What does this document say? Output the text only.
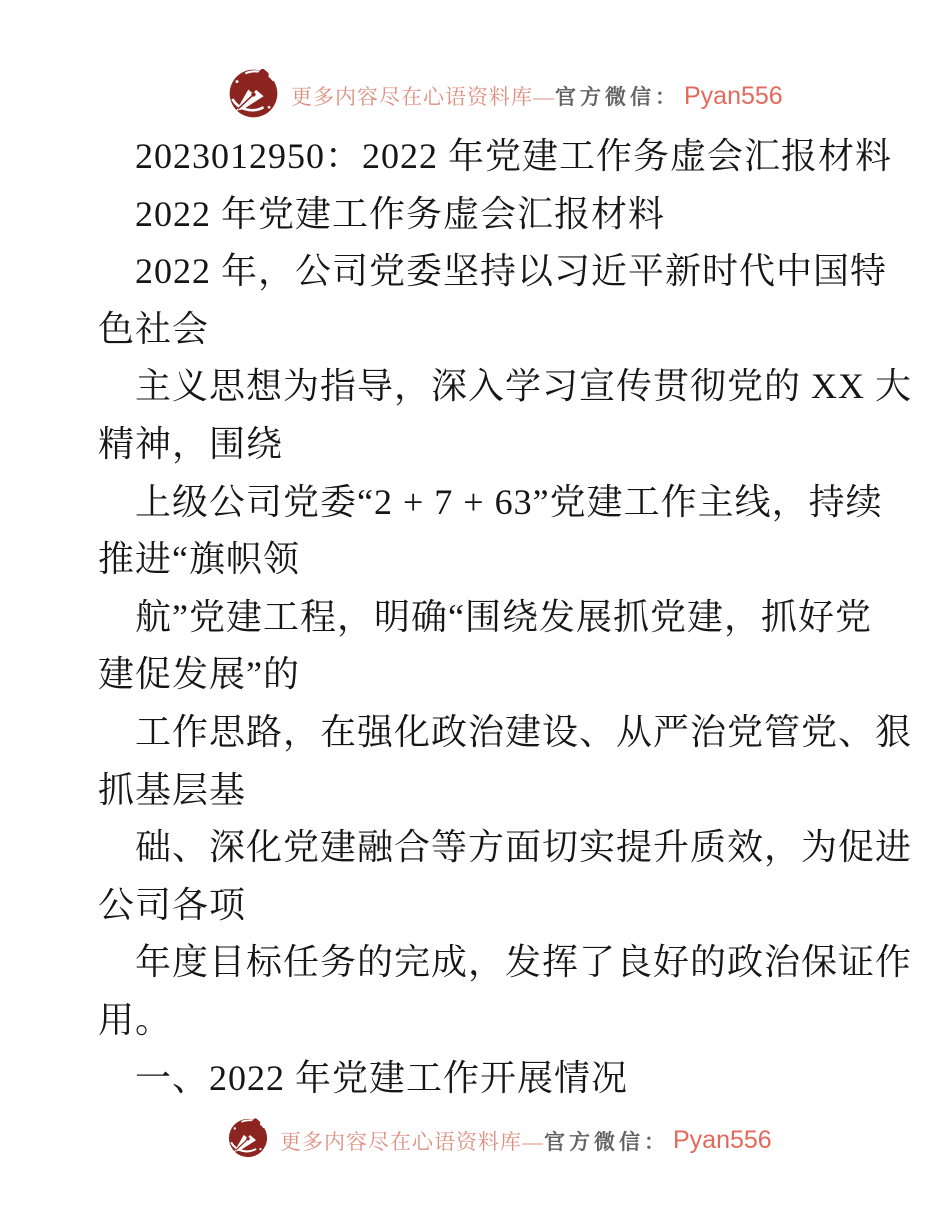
更多内容尽在心语资料库— 官方微信： Pyan556
2023012950：2022 年党建工作务虚会汇报材料
2022 年党建工作务虚会汇报材料
2022 年，公司党委坚持以习近平新时代中国特
色社会
主义思想为指导，深入学习宣传贯彻党的 XX 大
精神，围绕
上级公司党委“2 + 7 + 63”党建工作主线，持续
推进“旗帜领
航”党建工程，明确“围绕发展抓党建，抓好党
建促发展”的
工作思路，在强化政治建设、从严治党管党、狠
抓基层基
础、深化党建融合等方面切实提升质效，为促进
公司各项
年度目标任务的完成，发挥了良好的政治保证作
用。
一、2022 年党建工作开展情况
更多内容尽在心语资料库— 官方微信： Pyan556
